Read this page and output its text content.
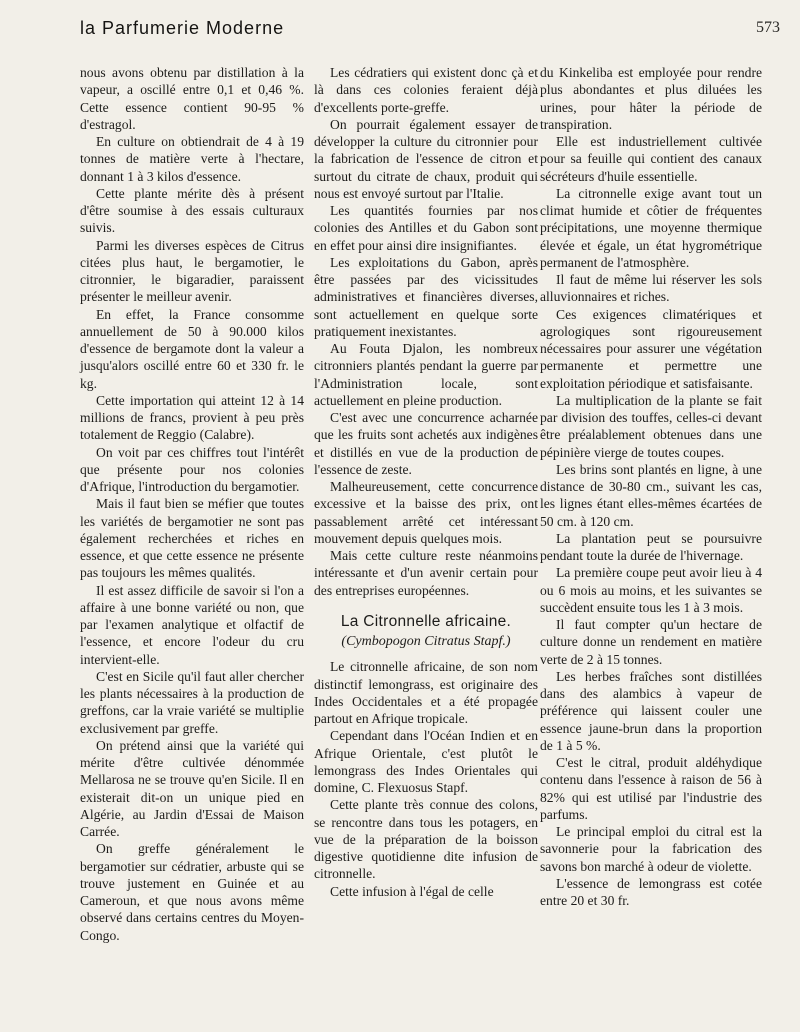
la Parfumerie Moderne	573

nous avons obtenu par distillation à la vapeur, a oscillé entre 0,1 et 0,46 %. Cette essence contient 90-95 % d'estragol.

En culture on obtiendrait de 4 à 19 tonnes de matière verte à l'hectare, donnant 1 à 3 kilos d'essence.

Cette plante mérite dès à présent d'être soumise à des essais culturaux suivis.

Parmi les diverses espèces de Citrus citées plus haut, le bergamotier, le citronnier, le bigaradier, paraissent présenter le meilleur avenir.

En effet, la France consomme annuellement de 50 à 90.000 kilos d'essence de bergamote dont la valeur a jusqu'alors oscillé entre 60 et 330 fr. le kg.

Cette importation qui atteint 12 à 14 millions de francs, provient à peu près totalement de Reggio (Calabre).

On voit par ces chiffres tout l'intérêt que présente pour nos colonies d'Afrique, l'introduction du bergamotier.

Mais il faut bien se méfier que toutes les variétés de bergamotier ne sont pas également recherchées et riches en essence, et que cette essence ne présente pas toujours les mêmes qualités.

Il est assez difficile de savoir si l'on a affaire à une bonne variété ou non, que par l'examen analytique et olfactif de l'essence, et encore l'odeur du cru intervient-elle.

C'est en Sicile qu'il faut aller chercher les plants nécessaires à la production de greffons, car la vraie variété se multiplie exclusivement par greffe.

On prétend ainsi que la variété qui mérite d'être cultivée dénommée Mellarosa ne se trouve qu'en Sicile. Il en existerait dit-on un unique pied en Algérie, au Jardin d'Essai de Maison Carrée.

On greffe généralement le bergamotier sur cédratier, arbuste qui se trouve justement en Guinée et au Cameroun, et que nous avons même observé dans certains centres du Moyen-Congo.

Les cédratiers qui existent donc çà et là dans ces colonies feraient déjà d'excellents porte-greffe.

On pourrait également essayer de développer la culture du citronnier pour la fabrication de l'essence de citron et surtout du citrate de chaux, produit qui nous est envoyé surtout par l'Italie.

Les quantités fournies par nos colonies des Antilles et du Gabon sont en effet pour ainsi dire insignifiantes.

Les exploitations du Gabon, après être passées par des vicissitudes administratives et financières diverses, sont actuellement en quelque sorte pratiquement inexistantes.

Au Fouta Djalon, les nombreux citronniers plantés pendant la guerre par l'Administration locale, sont actuellement en pleine production.

C'est avec une concurrence acharnée que les fruits sont achetés aux indigènes et distillés en vue de la production de l'essence de zeste.

Malheureusement, cette concurrence excessive et la baisse des prix, ont passablement arrêté cet intéressant mouvement depuis quelques mois.

Mais cette culture reste néanmoins intéressante et d'un avenir certain pour des entreprises européennes.

La Citronnelle africaine.
(Cymbopogon Citratus Stapf.)

Le citronnelle africaine, de son nom distinctif lemongrass, est originaire des Indes Occidentales et a été propagée partout en Afrique tropicale.

Cependant dans l'Océan Indien et en Afrique Orientale, c'est plutôt le lemongrass des Indes Orientales qui domine, C. Flexuosus Stapf.

Cette plante très connue des colons, se rencontre dans tous les potagers, en vue de la préparation de la boisson digestive quotidienne dite infusion de citronnelle.

Cette infusion à l'égal de celle

du Kinkeliba est employée pour rendre plus abondantes et plus diluées les urines, pour hâter la période de transpiration.

Elle est industriellement cultivée pour sa feuille qui contient des canaux sécréteurs d'huile essentielle.

La citronnelle exige avant tout un climat humide et côtier de fréquentes précipitations, une moyenne thermique élevée et égale, un état hygrométrique permanent de l'atmosphère.

Il faut de même lui réserver les sols alluvionnaires et riches.

Ces exigences climatériques et agrologiques sont rigoureusement nécessaires pour assurer une végétation permanente et permettre une exploitation périodique et satisfaisante.

La multiplication de la plante se fait par division des touffes, celles-ci devant être préalablement obtenues dans une pépinière vierge de toutes coupes.

Les brins sont plantés en ligne, à une distance de 30-80 cm., suivant les cas, les lignes étant elles-mêmes écartées de 50 cm. à 120 cm.

La plantation peut se poursuivre pendant toute la durée de l'hivernage.

La première coupe peut avoir lieu à 4 ou 6 mois au moins, et les suivantes se succèdent ensuite tous les 1 à 3 mois.

Il faut compter qu'un hectare de culture donne un rendement en matière verte de 2 à 15 tonnes.

Les herbes fraîches sont distillées dans des alambics à vapeur de préférence qui laissent couler une essence jaune-brun dans la proportion de 1 à 5 %.

C'est le citral, produit aldéhydique contenu dans l'essence à raison de 56 à 82% qui est utilisé par l'industrie des parfums.

Le principal emploi du citral est la savonnerie pour la fabrication des savons bon marché à odeur de violette.

L'essence de lemongrass est cotée entre 20 et 30 fr.
